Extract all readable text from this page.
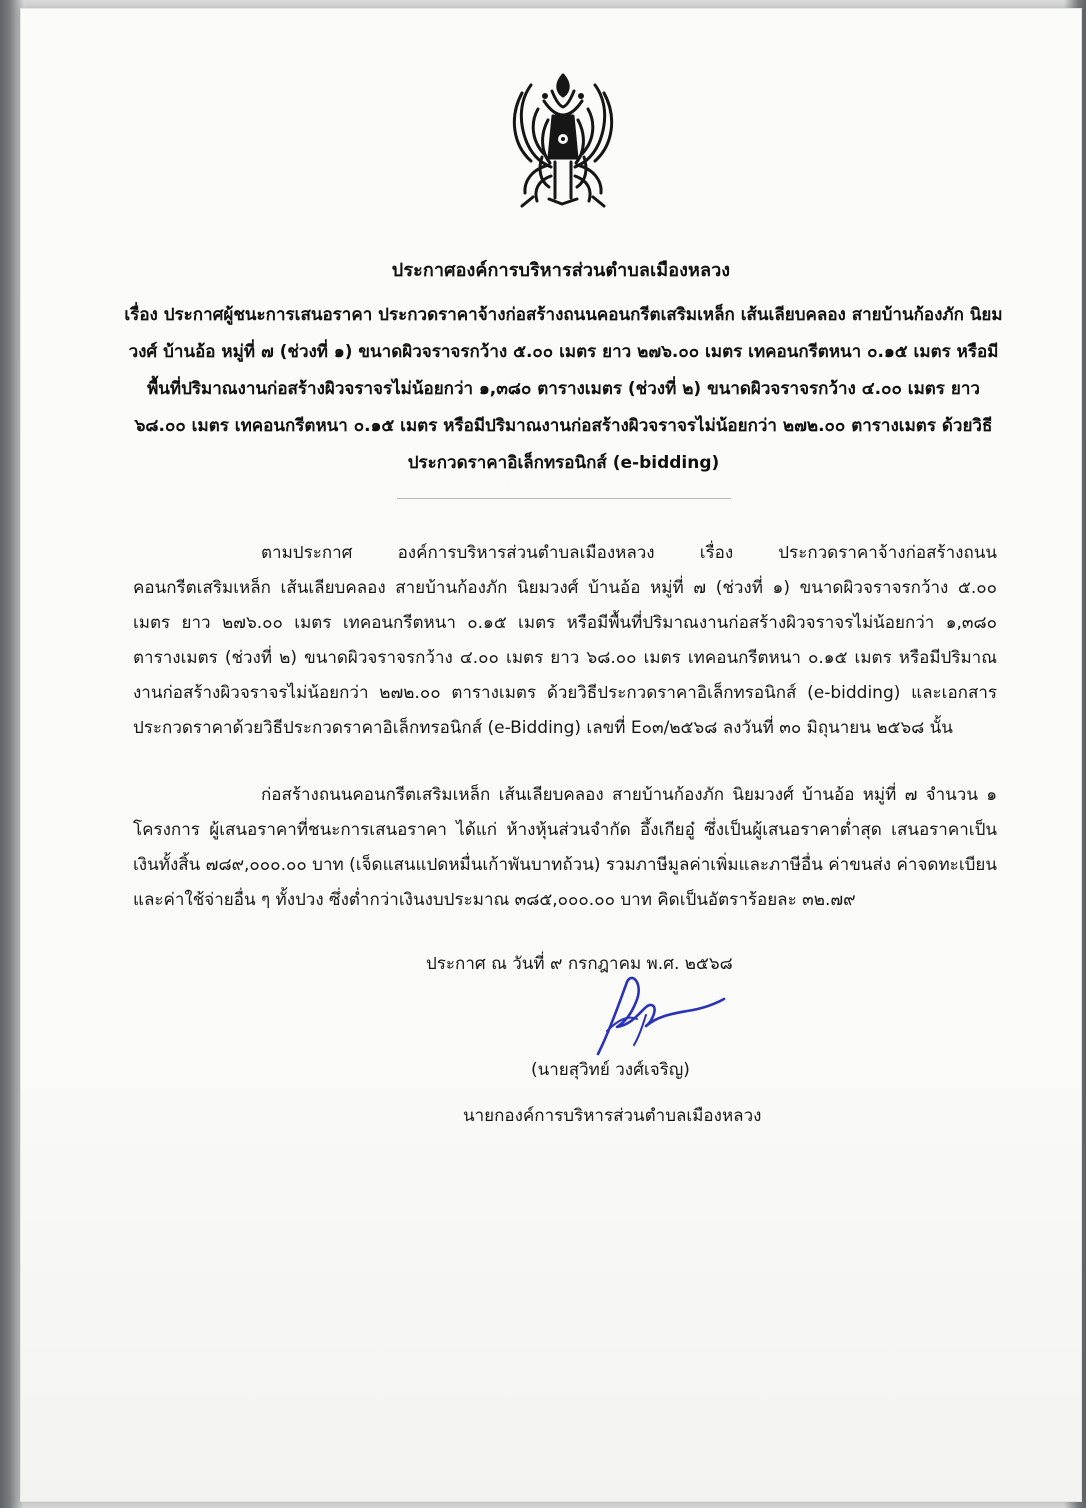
ประกาศองค์การบริหารส่วนตำบลเมืองหลวง
เรื่อง ประกาศผู้ชนะการเสนอราคา ประกวดราคาจ้างก่อสร้างถนนคอนกรีตเสริมเหล็ก เส้นเลียบคลอง สายบ้านก้องภัก นิยมวงศ์ บ้านอ้อ หมู่ที่ ๗ (ช่วงที่ ๑) ขนาดผิวจราจรกว้าง ๕.๐๐ เมตร ยาว ๒๗๖.๐๐ เมตร เทคอนกรีตหนา ๐.๑๕ เมตร หรือมีพื้นที่ปริมาณงานก่อสร้างผิวจราจรไม่น้อยกว่า ๑,๓๘๐ ตารางเมตร (ช่วงที่ ๒) ขนาดผิวจราจรกว้าง ๔.๐๐ เมตร ยาว ๖๘.๐๐ เมตร เทคอนกรีตหนา ๐.๑๕ เมตร หรือมีปริมาณงานก่อสร้างผิวจราจรไม่น้อยกว่า ๒๗๒.๐๐ ตารางเมตร ด้วยวิธีประกวดราคาอิเล็กทรอนิกส์ (e-bidding)

ตามประกาศ องค์การบริหารส่วนตำบลเมืองหลวง เรื่อง ประกวดราคาจ้างก่อสร้างถนนคอนกรีตเสริมเหล็ก เส้นเลียบคลอง สายบ้านก้องภัก นิยมวงศ์ บ้านอ้อ หมู่ที่ ๗ (ช่วงที่ ๑) ขนาดผิวจราจรกว้าง ๕.๐๐ เมตร ยาว ๒๗๖.๐๐ เมตร เทคอนกรีตหนา ๐.๑๕ เมตร หรือมีพื้นที่ปริมาณงานก่อสร้างผิวจราจรไม่น้อยกว่า ๑,๓๘๐ ตารางเมตร (ช่วงที่ ๒) ขนาดผิวจราจรกว้าง ๔.๐๐ เมตร ยาว ๖๘.๐๐ เมตร เทคอนกรีตหนา ๐.๑๕ เมตร หรือมีปริมาณงานก่อสร้างผิวจราจรไม่น้อยกว่า ๒๗๒.๐๐ ตารางเมตร ด้วยวิธีประกวดราคาอิเล็กทรอนิกส์ (e-bidding) และเอกสารประกวดราคาด้วยวิธีประกวดราคาอิเล็กทรอนิกส์ (e-Bidding) เลขที่ E๐๓/๒๕๖๘ ลงวันที่ ๓๐ มิถุนายน ๒๕๖๘ นั้น

ก่อสร้างถนนคอนกรีตเสริมเหล็ก เส้นเลียบคลอง สายบ้านก้องภัก นิยมวงศ์ บ้านอ้อ หมู่ที่ ๗ จำนวน ๑ โครงการ ผู้เสนอราคาที่ชนะการเสนอราคา ได้แก่ ห้างหุ้นส่วนจำกัด อึ้งเกียอู๋ ซึ่งเป็นผู้เสนอราคาต่ำสุด เสนอราคาเป็นเงินทั้งสิ้น ๗๘๙,๐๐๐.๐๐ บาท (เจ็ดแสนแปดหมื่นเก้าพันบาทถ้วน) รวมภาษีมูลค่าเพิ่มและภาษีอื่น ค่าขนส่ง ค่าจดทะเบียน และค่าใช้จ่ายอื่น ๆ ทั้งปวง ซึ่งต่ำกว่าเงินงบประมาณ ๓๘๕,๐๐๐.๐๐ บาท คิดเป็นอัตราร้อยละ ๓๒.๗๙

ประกาศ ณ วันที่ ๙ กรกฎาคม พ.ศ. ๒๕๖๘
(นายสุวิทย์ วงศ์เจริญ)
นายกองค์การบริหารส่วนตำบลเมืองหลวง
